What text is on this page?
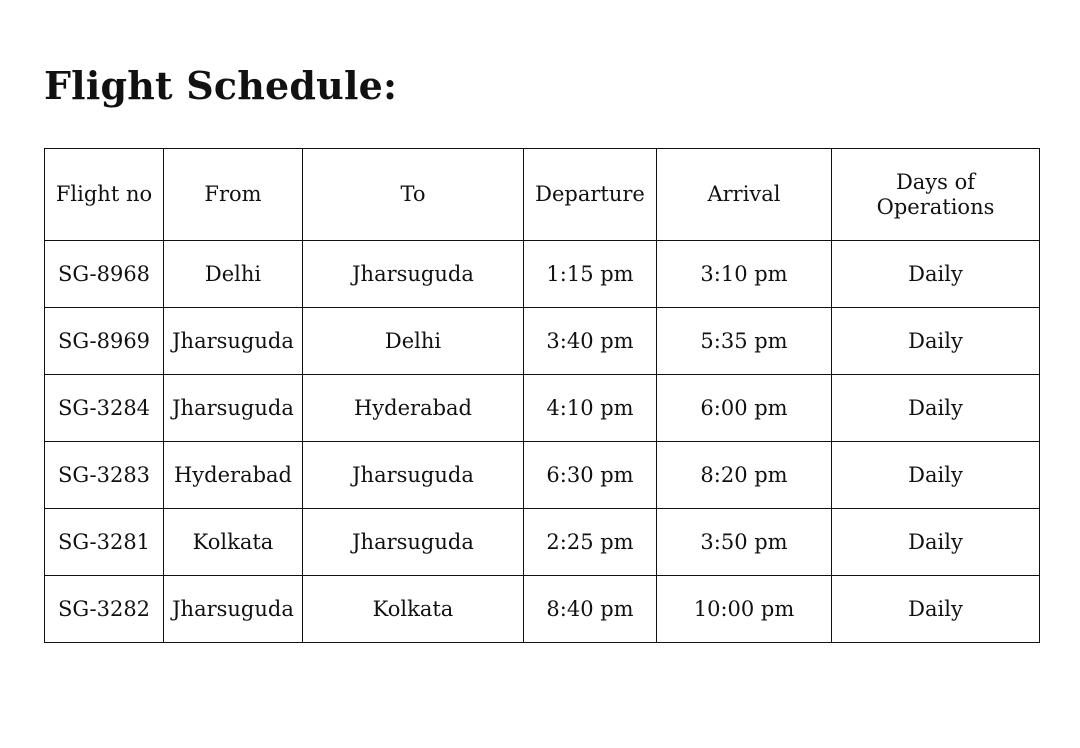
Flight Schedule:
Flight no	From	To	Departure	Arrival	Days of Operations
SG-8968	Delhi	Jharsuguda	1:15 pm	3:10 pm	Daily
SG-8969	Jharsuguda	Delhi	3:40 pm	5:35 pm	Daily
SG-3284	Jharsuguda	Hyderabad	4:10 pm	6:00 pm	Daily
SG-3283	Hyderabad	Jharsuguda	6:30 pm	8:20 pm	Daily
SG-3281	Kolkata	Jharsuguda	2:25 pm	3:50 pm	Daily
SG-3282	Jharsuguda	Kolkata	8:40 pm	10:00 pm	Daily
